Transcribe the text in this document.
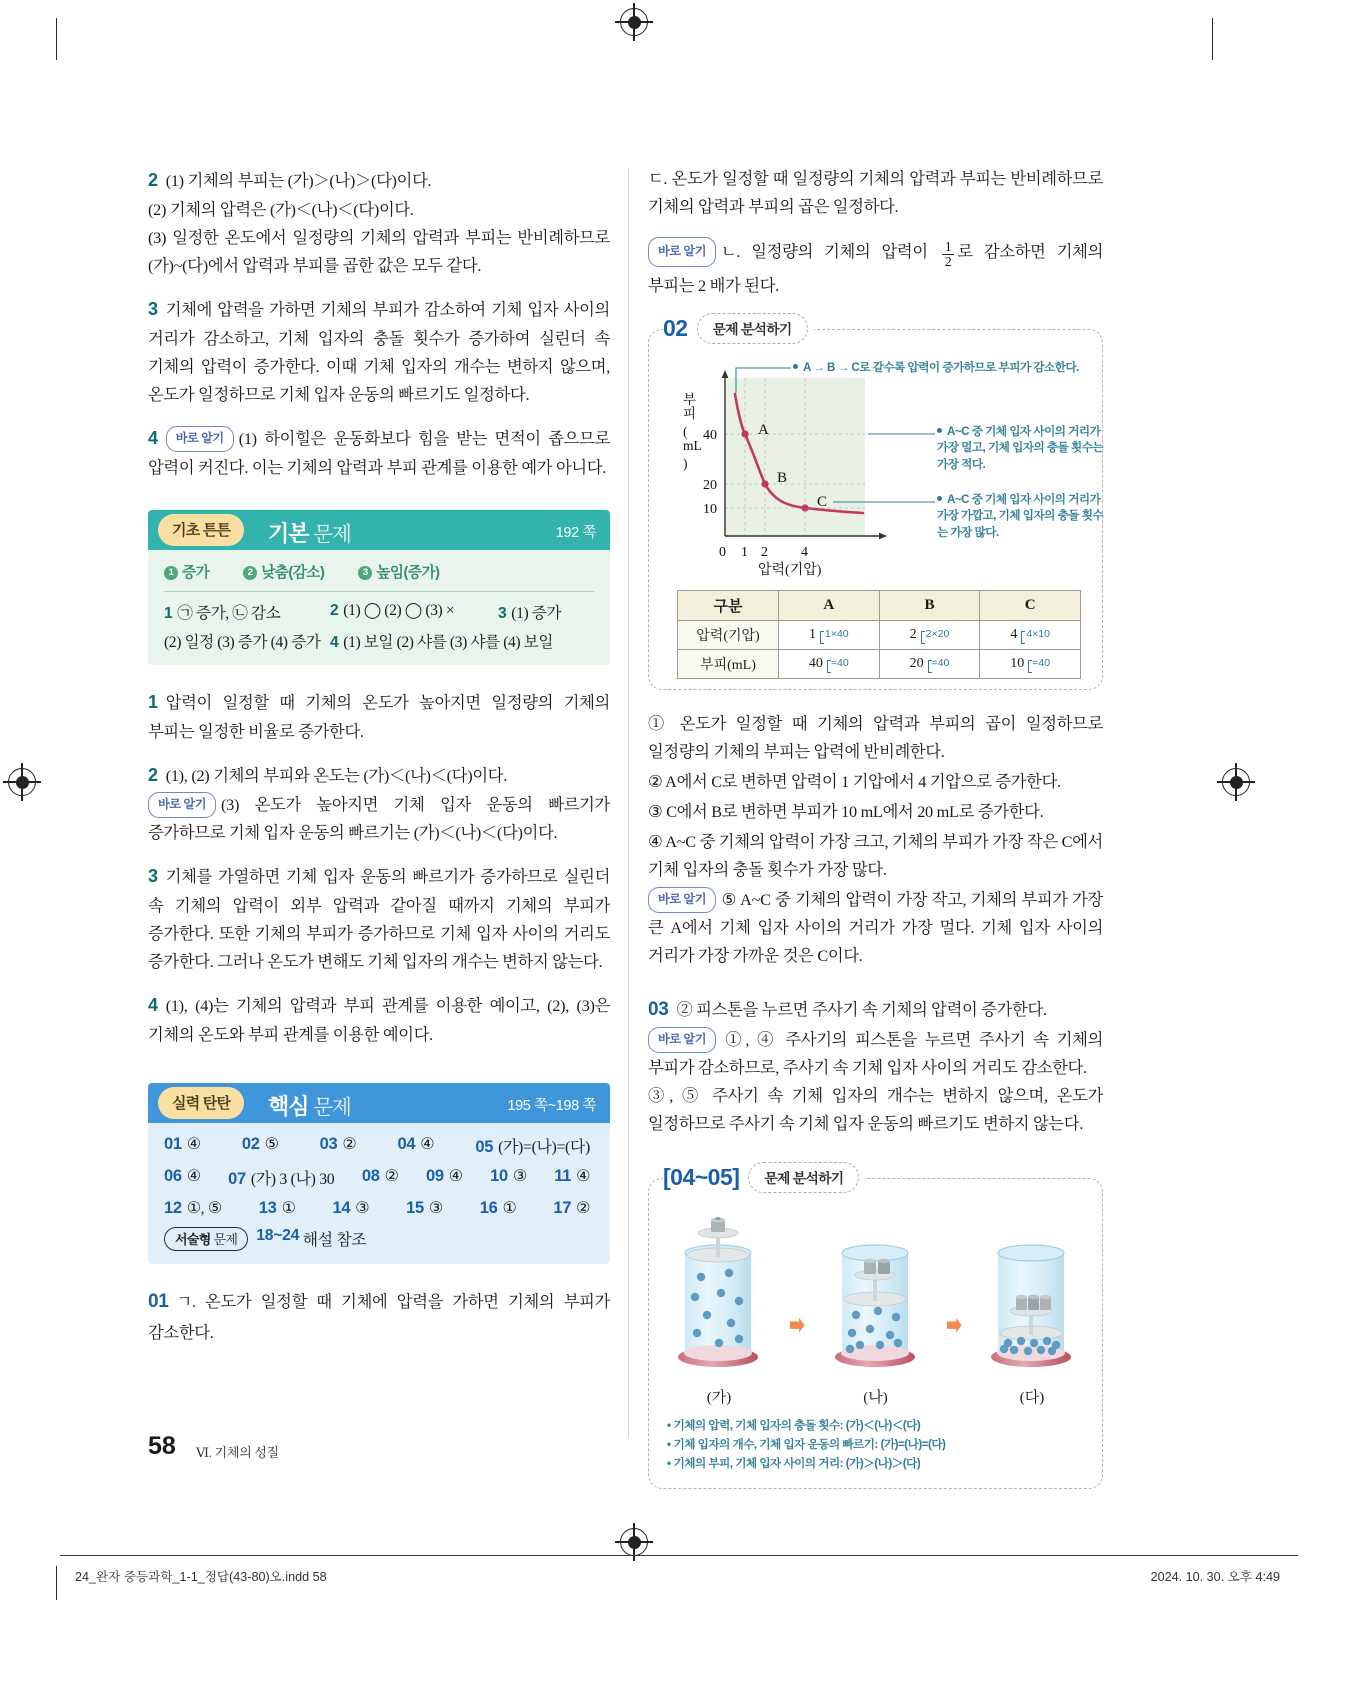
2 (1) 기체의 부피는 (가)＞(나)＞(다)이다.
(2) 기체의 압력은 (가)＜(나)＜(다)이다.
(3) 일정한 온도에서 일정량의 기체의 압력과 부피는 반비례하므로 (가)~(다)에서 압력과 부피를 곱한 값은 모두 같다.

3 기체에 압력을 가하면 기체의 부피가 감소하여 기체 입자 사이의 거리가 감소하고, 기체 입자의 충돌 횟수가 증가하여 실린더 속 기체의 압력이 증가한다. 이때 기체 입자의 개수는 변하지 않으며, 온도가 일정하므로 기체 입자 운동의 빠르기도 일정하다.

4 바로 알기 (1) 하이힐은 운동화보다 힘을 받는 면적이 좁으므로 압력이 커진다. 이는 기체의 압력과 부피 관계를 이용한 예가 아니다.

기초 튼튼	기본 문제	192 쪽
1 증가	2 낮춤(감소)	3 높임(증가)
1 ㉠ 증가, ㉡ 감소	2 (1) ◯ (2) ◯ (3) ×	3 (1) 증가
(2) 일정 (3) 증가 (4) 증가 4 (1) 보일 (2) 샤를 (3) 샤를 (4) 보일

1 압력이 일정할 때 기체의 온도가 높아지면 일정량의 기체의 부피는 일정한 비율로 증가한다.

2 (1), (2) 기체의 부피와 온도는 (가)＜(나)＜(다)이다.
바로 알기 (3) 온도가 높아지면 기체 입자 운동의 빠르기가 증가하므로 기체 입자 운동의 빠르기는 (가)＜(나)＜(다)이다.

3 기체를 가열하면 기체 입자 운동의 빠르기가 증가하므로 실린더 속 기체의 압력이 외부 압력과 같아질 때까지 기체의 부피가 증가한다. 또한 기체의 부피가 증가하므로 기체 입자 사이의 거리도 증가한다. 그러나 온도가 변해도 기체 입자의 개수는 변하지 않는다.

4 (1), (4)는 기체의 압력과 부피 관계를 이용한 예이고, (2), (3)은 기체의 온도와 부피 관계를 이용한 예이다.

실력 탄탄	핵심 문제	195 쪽~198 쪽
01 ④ 02 ⑤ 03 ② 04 ④ 05 (가)=(나)=(다)
06 ④ 07 (가) 3 (나) 30 08 ② 09 ④ 10 ③ 11 ④
12 ①, ⑤ 13 ① 14 ③ 15 ③ 16 ① 17 ②
서술형 문제	18~24
해설 참조

01 ㄱ. 온도가 일정할 때 기체에 압력을 가하면 기체의 부피가 감소한다.

ㄷ. 온도가 일정할 때 일정량의 기체의 압력과 부피는 반비례하므로 기체의 압력과 부피의 곱은 일정하다.

바로 알기 ㄴ. 일정량의 기체의 압력이 $\frac{1}{2}$ 로 감소하면 기체의 부피는 2 배가 된다.

02	문제 분석하기
A
B
C
40
20
10
0 1 2 4
압력(기압)
부
피
(
mL
)
A → B → C로 갈수록 압력이 증가하므로 부피가 감소한다.
A~C 중 기체 입자 사이의 거리가 가장 멀고, 기체 입자의 충돌 횟수는 가장 적다.
A~C 중 기체 입자 사이의 거리가 가장 가깝고, 기체 입자의 충돌 횟수는 가장 많다.
구분	A	B	C
압력(기압)	1 1×40	2 2×20	4 4×10
부피(mL)	40 =40	20 =40	10 =40

① 온도가 일정할 때 기체의 압력과 부피의 곱이 일정하므로 일정량의 기체의 부피는 압력에 반비례한다.

② A에서 C로 변하면 압력이 1 기압에서 4 기압으로 증가한다.

③ C에서 B로 변하면 부피가 10 mL에서 20 mL로 증가한다.

④ A~C 중 기체의 압력이 가장 크고, 기체의 부피가 가장 작은 C에서 기체 입자의 충돌 횟수가 가장 많다.

바로 알기 ⑤ A~C 중 기체의 압력이 가장 작고, 기체의 부피가 가장 큰 A에서 기체 입자 사이의 거리가 가장 멀다. 기체 입자 사이의 거리가 가장 가까운 것은 C이다.

03 ② 피스톤을 누르면 주사기 속 기체의 압력이 증가한다.
바로 알기 ①, ④ 주사기의 피스톤을 누르면 주사기 속 기체의 부피가 감소하므로, 주사기 속 기체 입자 사이의 거리도 감소한다.
③, ⑤ 주사기 속 기체 입자의 개수는 변하지 않으며, 온도가 일정하므로 주사기 속 기체 입자 운동의 빠르기도 변하지 않는다.

[04~05]	문제 분석하기
(가)	(나)	(다)
• 기체의 압력, 기체 입자의 충돌 횟수: (가)＜(나)＜(다)
• 기체 입자의 개수, 기체 입자 운동의 빠르기: (가)=(나)=(다)
• 기체의 부피, 기체 입자 사이의 거리: (가)＞(나)＞(다)
58 Ⅵ. 기체의 성질
24_완자 중등과학_1-1_정답(43-80)오.indd 58	2024. 10. 30. 오후 4:49
